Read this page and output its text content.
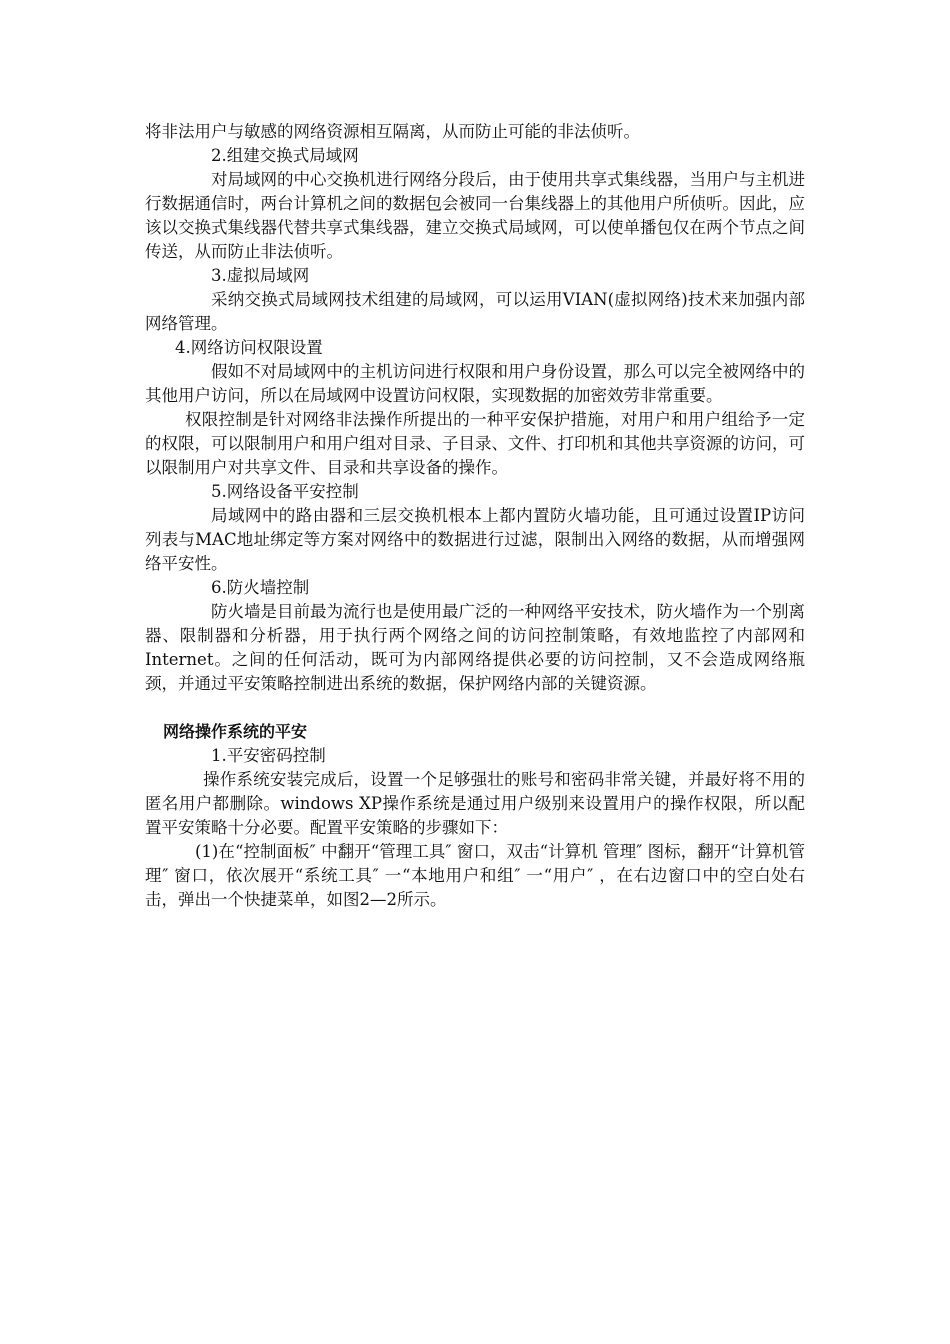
将非法用户与敏感的网络资源相互隔离，从而防止可能的非法侦听。

2.组建交换式局域网

对局域网的中心交换机进行网络分段后，由于使用共享式集线器，当用户与主机进行数据通信时，两台计算机之间的数据包会被同一台集线器上的其他用户所侦听。因此，应该以交换式集线器代替共享式集线器，建立交换式局域网，可以使单播包仅在两个节点之间传送，从而防止非法侦听。

3.虚拟局域网

采纳交换式局域网技术组建的局域网，可以运用VIAN(虚拟网络)技术来加强内部网络管理。

4.网络访问权限设置

假如不对局域网中的主机访问进行权限和用户身份设置，那么可以完全被网络中的其他用户访问，所以在局域网中设置访问权限，实现数据的加密效劳非常重要。

权限控制是针对网络非法操作所提出的一种平安保护措施，对用户和用户组给予一定的权限，可以限制用户和用户组对目录、子目录、文件、打印机和其他共享资源的访问，可以限制用户对共享文件、目录和共享设备的操作。

5.网络设备平安控制

局域网中的路由器和三层交换机根本上都内置防火墙功能，且可通过设置IP访问列表与MAC地址绑定等方案对网络中的数据进行过滤，限制出入网络的数据，从而增强网络平安性。

6.防火墙控制

防火墙是目前最为流行也是使用最广泛的一种网络平安技术，防火墙作为一个别离器、限制器和分析器，用于执行两个网络之间的访问控制策略，有效地监控了内部网和Internet。之间的任何活动，既可为内部网络提供必要的访问控制，又不会造成网络瓶颈，并通过平安策略控制进出系统的数据，保护网络内部的关键资源。

网络操作系统的平安

1.平安密码控制

操作系统安装完成后，设置一个足够强壮的账号和密码非常关键，并最好将不用的匿名用户都删除。windows XP操作系统是通过用户级别来设置用户的操作权限，所以配置平安策略十分必要。配置平安策略的步骤如下：

(1)在“控制面板″ 中翻开“管理工具″ 窗口，双击“计算机 管理″ 图标，翻开“计算机管理″ 窗口，依次展开“系统工具″ 一“本地用户和组″ 一“用户″ ，在右边窗口中的空白处右击，弹出一个快捷菜单，如图2—2所示。
